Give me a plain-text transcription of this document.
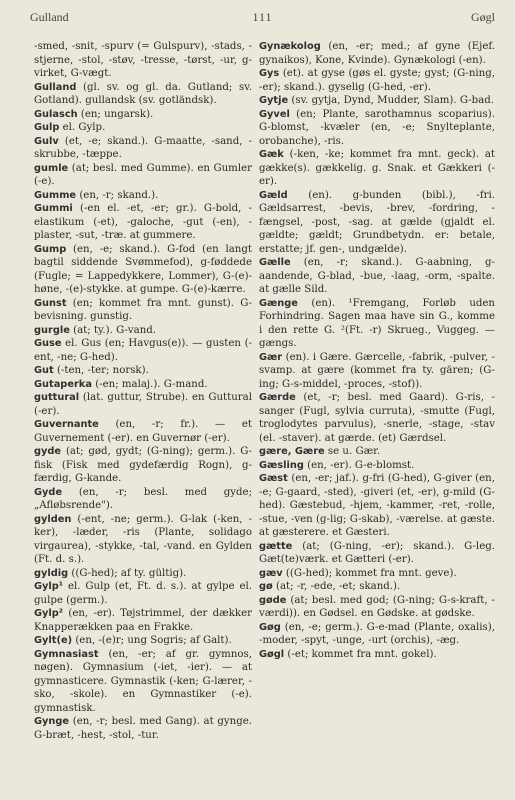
Gulland	111	Gøgl

-smed, -snit, -spurv (= Gulspurv), -stads, -stjerne, -stol, -støv, -tresse, -tørst, -ur, g-virket, G-vægt.

Gulland (gl. sv. og gl. da. Gutland; sv. Gotland). gullandsk (sv. gotländsk).

Gulasch (en; ungarsk).

Gulp el. Gylp.

Gulv (et, -e; skand.). G-maatte, -sand, -skrubbe, -tæppe.

gumle (at; besl. med Gumme). en Gumler (-e).

Gumme (en, -r; skand.).

Gummi (-en el. -et, -er; gr.). G-bold, -elastikum (-et), -galoche, -gut (-en), -plaster, -sut, -træ. at gummere.

Gump (en, -e; skand.). G-fod (en langt bagtil siddende Svømmefod), g-føddede (Fugle; = Lappedykkere, Lommer), G-(e)-høne, -(e)-stykke. at gumpe. G-(e)-kærre.

Gunst (en; kommet fra mnt. gunst). G-bevisning. gunstig.

gurgle (at; ty.). G-vand.

Guse el. Gus (en; Havgus(e)). — gusten (-ent, -ne; G-hed).

Gut (-ten, -ter; norsk).

Gutaperka (-en; malaj.). G-mand.

guttural (lat. guttur, Strube). en Guttural (-er).

Guvernante (en, -r; fr.). — et Guvernement (-er). en Guvernør (-er).

gyde (at; gød, gydt; (G-ning); germ.). G-fisk (Fisk med gydefærdig Rogn), g-færdig, G-kande.

Gyde (en, -r; besl. med gyde; „Afløbsrende").

gylden (-ent, -ne; germ.). G-lak (-ken, -ker), -læder, -ris (Plante, solidago virgaurea), -stykke, -tal, -vand. en Gylden (Ft. d. s.).

gyldig ((G-hed); af ty. gültig).

Gylp¹ el. Gulp (et, Ft. d. s.). at gylpe el. gulpe (germ.).

Gylp² (en, -er). Tøjstrimmel, der dækker Knapperækken paa en Frakke.

Gylt(e) (en, -(e)r; ung Sogris; af Galt).

Gymnasiast (en, -er; af gr. gymnos, nøgen). Gymnasium (-iet, -ier). — at gymnasticere. Gymnastik (-ken; G-lærer, -sko, -skole). en Gymnastiker (-e). gymnastisk.

Gynge (en, -r; besl. med Gang). at gynge. G-bræt, -hest, -stol, -tur.

Gynækolog (en, -er; med.; af gyne (Ejef. gynaikos), Kone, Kvinde). Gynækologi (-en).

Gys (et). at gyse (gøs el. gyste; gyst; (G-ning, -er); skand.). gyselig (G-hed, -er).

Gytje (sv. gytja, Dynd, Mudder, Slam). G-bad.

Gyvel (en; Plante, sarothamnus scoparius). G-blomst, -kvæler (en, -e; Snylteplante, orobanche), -ris.

Gæk (-ken, -ke; kommet fra mnt. geck). at gække(s). gækkelig. g. Snak. et Gækkeri (-er).

Gæld (en). g-bunden (bibl.), -fri. Gældsarrest, -bevis, -brev, -fordring, -fængsel, -post, -sag. at gælde (gjaldt el. gældte; gældt; Grundbetydn. er: betale, erstatte; jf. gen-, undgælde).

Gælle (en, -r; skand.). G-aabning, g-aandende, G-blad, -bue, -laag, -orm, -spalte. at gælle Sild.

Gænge (en). ¹Fremgang, Forløb uden Forhindring. Sagen maa have sin G., komme i den rette G. ²(Ft. -r) Skrueg., Vuggeg. — gængs.

Gær (en). i Gære. Gærcelle, -fabrik, -pulver, -svamp. at gære (kommet fra ty. gären; (G-ing; G-s-middel, -proces, -stof)).

Gærde (et, -r; besl. med Gaard). G-ris, -sanger (Fugl, sylvia curruta), -smutte (Fugl, troglodytes parvulus), -snerle, -stage, -stav (el. -staver). at gærde. (et) Gærdsel.

gære, Gære se u. Gær.

Gæsling (en, -er). G-e-blomst.

Gæst (en, -er; jaf.). g-fri (G-hed), G-giver (en, -e; G-gaard, -sted), -giveri (et, -er), g-mild (G-hed). Gæstebud, -hjem, -kammer, -ret, -rolle, -stue, -ven (g-lig; G-skab), -værelse. at gæste. at gæsterere. et Gæsteri.

gætte (at; (G-ning, -er); skand.). G-leg. Gæt(te)værk. et Gætteri (-er).

gæv ((G-hed); kommet fra mnt. geve).

gø (at; -r, -ede, -et; skand.).

gøde (at; besl. med god; (G-ning; G-s-kraft, -værdi)). en Gødsel. en Gødske. at gødske.

Gøg (en, -e; germ.). G-e-mad (Plante, oxalis), -moder, -spyt, -unge, -urt (orchis), -æg.

Gøgl (-et; kommet fra mnt. gokel).
